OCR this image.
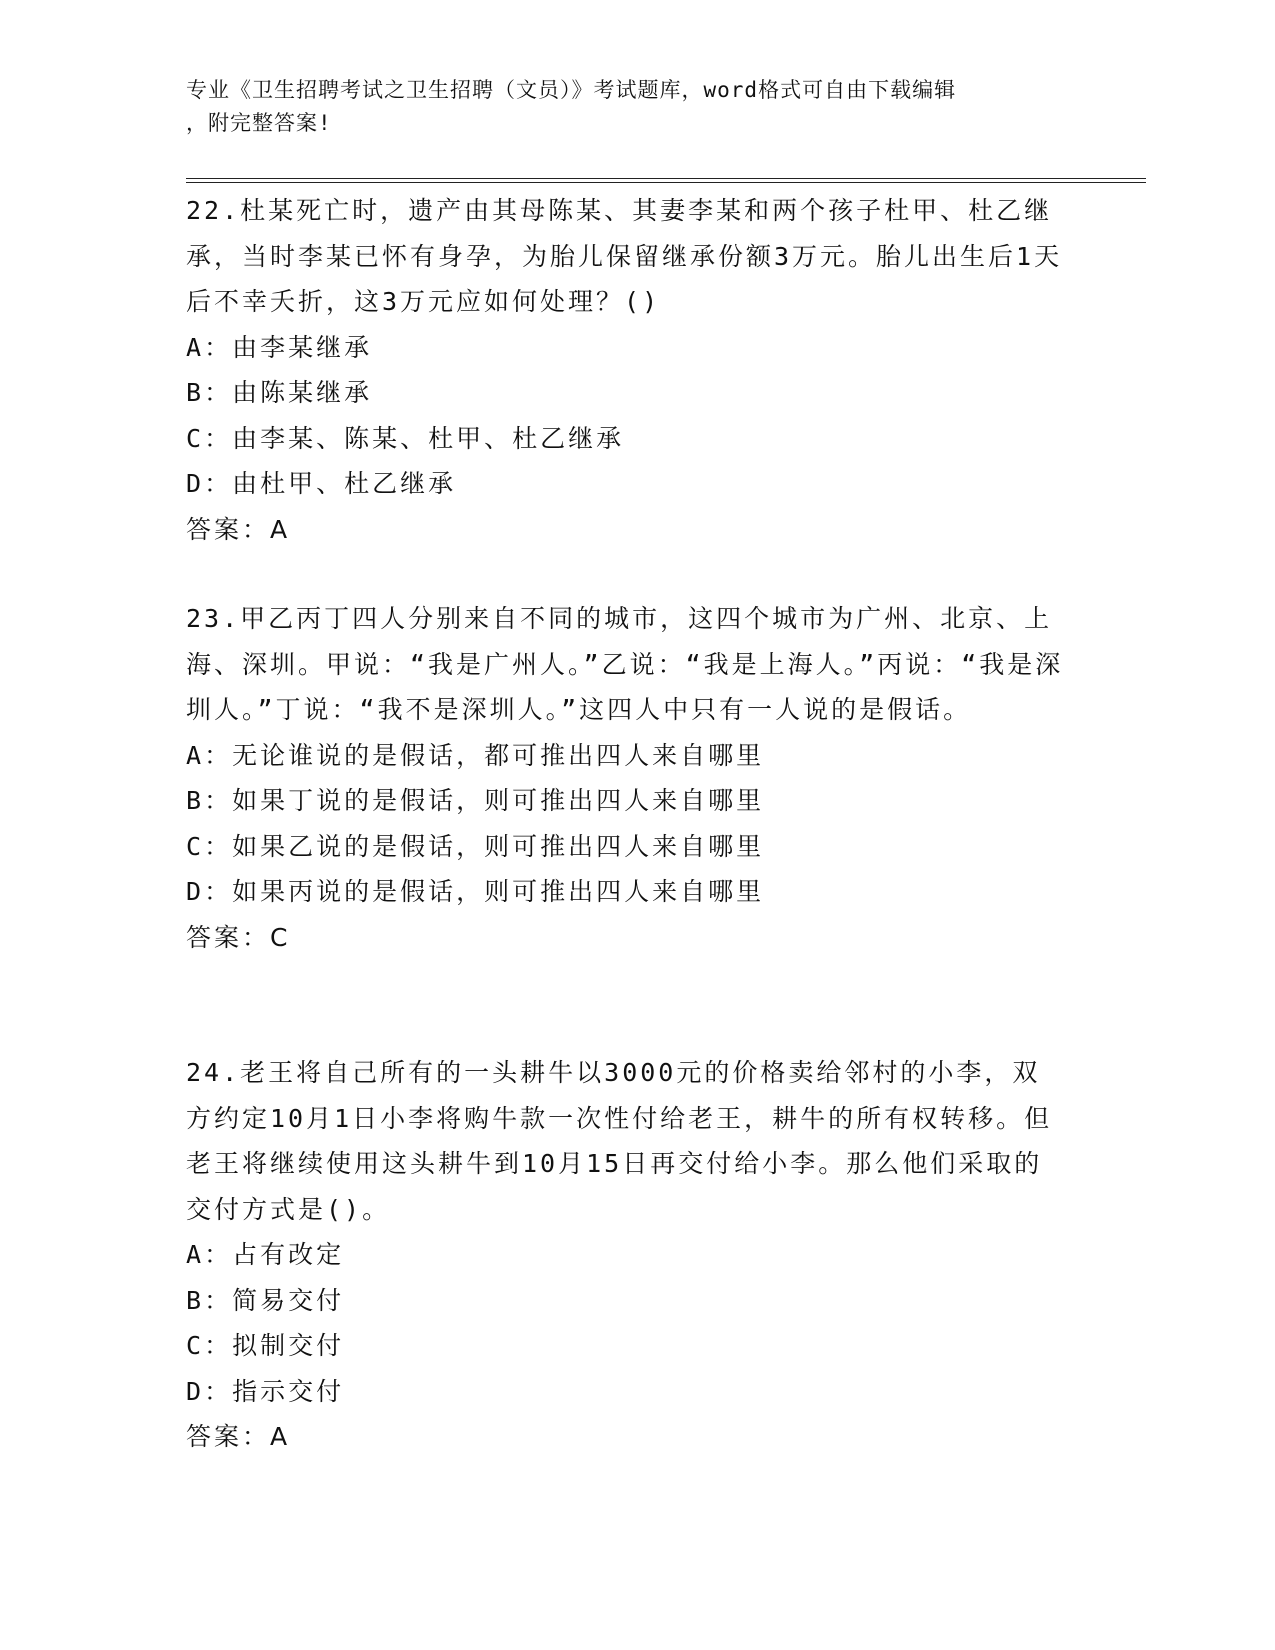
专业《卫生招聘考试之卫生招聘（文员）》考试题库，word格式可自由下载编辑
，附完整答案!

22.杜某死亡时，遗产由其母陈某、其妻李某和两个孩子杜甲、杜乙继承，当时李某已怀有身孕，为胎儿保留继承份额3万元。胎儿出生后1天后不幸夭折，这3万元应如何处理？()

A：由李某继承
B：由陈某继承
C：由李某、陈某、杜甲、杜乙继承
D：由杜甲、杜乙继承
答案：A

23.甲乙丙丁四人分别来自不同的城市，这四个城市为广州、北京、上海、深圳。甲说：“我是广州人。”乙说：“我是上海人。”丙说：“我是深圳人。”丁说：“我不是深圳人。”这四人中只有一人说的是假话。

A：无论谁说的是假话，都可推出四人来自哪里
B：如果丁说的是假话，则可推出四人来自哪里
C：如果乙说的是假话，则可推出四人来自哪里
D：如果丙说的是假话，则可推出四人来自哪里
答案：C

24.老王将自己所有的一头耕牛以3000元的价格卖给邻村的小李，双方约定10月1日小李将购牛款一次性付给老王，耕牛的所有权转移。但老王将继续使用这头耕牛到10月15日再交付给小李。那么他们采取的交付方式是()。

A：占有改定
B：简易交付
C：拟制交付
D：指示交付
答案：A
